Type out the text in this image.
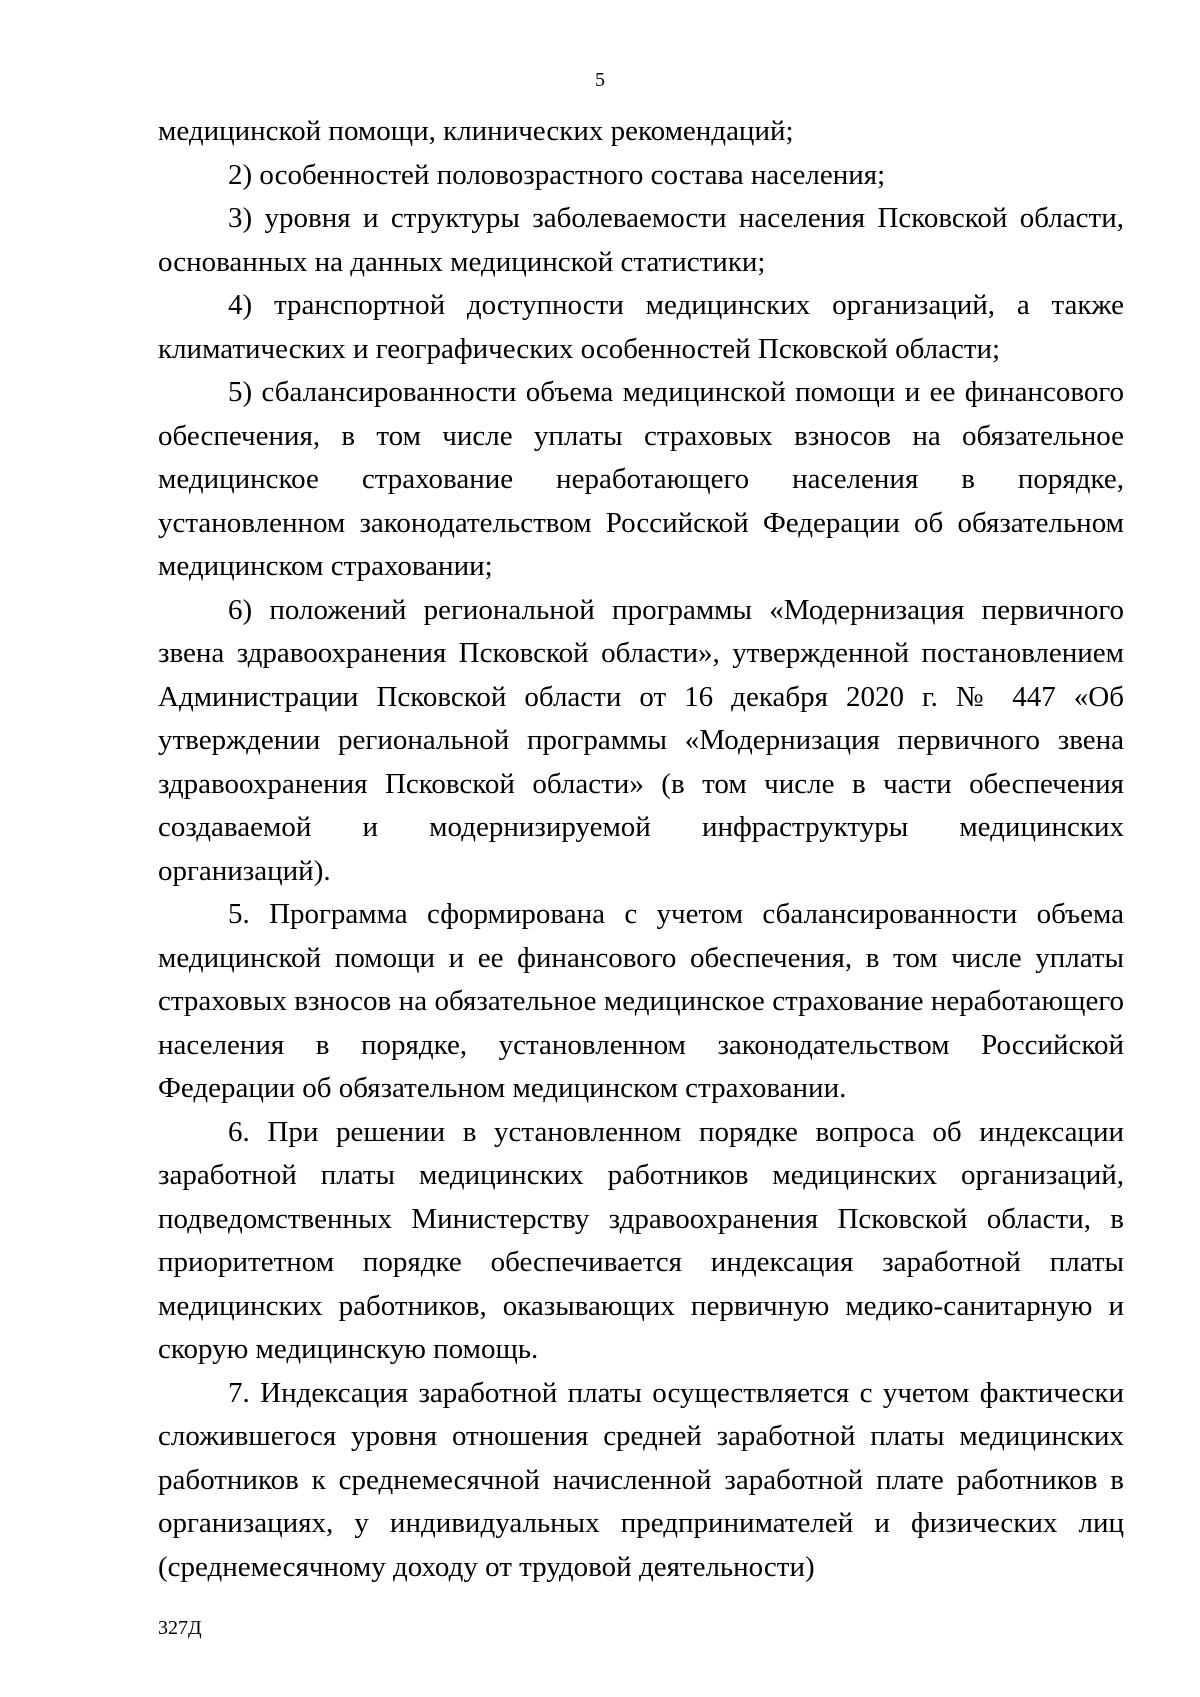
5

медицинской помощи, клинических рекомендаций;

2) особенностей половозрастного состава населения;

3) уровня и структуры заболеваемости населения Псковской области, основанных на данных медицинской статистики;

4) транспортной доступности медицинских организаций, а также климатических и географических особенностей Псковской области;

5) сбалансированности объема медицинской помощи и ее финансового обеспечения, в том числе уплаты страховых взносов на обязательное медицинское страхование неработающего населения в порядке, установленном законодательством Российской Федерации об обязательном медицинском страховании;

6) положений региональной программы «Модернизация первичного звена здравоохранения Псковской области», утвержденной постановлением Администрации Псковской области от 16 декабря 2020 г. № 447 «Об утверждении региональной программы «Модернизация первичного звена здравоохранения Псковской области» (в том числе в части обеспечения создаваемой и модернизируемой инфраструктуры медицинских организаций).

5. Программа сформирована с учетом сбалансированности объема медицинской помощи и ее финансового обеспечения, в том числе уплаты страховых взносов на обязательное медицинское страхование неработающего населения в порядке, установленном законодательством Российской Федерации об обязательном медицинском страховании.

6. При решении в установленном порядке вопроса об индексации заработной платы медицинских работников медицинских организаций, подведомственных Министерству здравоохранения Псковской области, в приоритетном порядке обеспечивается индексация заработной платы медицинских работников, оказывающих первичную медико-санитарную и скорую медицинскую помощь.

7. Индексация заработной платы осуществляется с учетом фактически сложившегося уровня отношения средней заработной платы медицинских работников к среднемесячной начисленной заработной плате работников в организациях, у индивидуальных предпринимателей и физических лиц (среднемесячному доходу от трудовой деятельности)

327Д
